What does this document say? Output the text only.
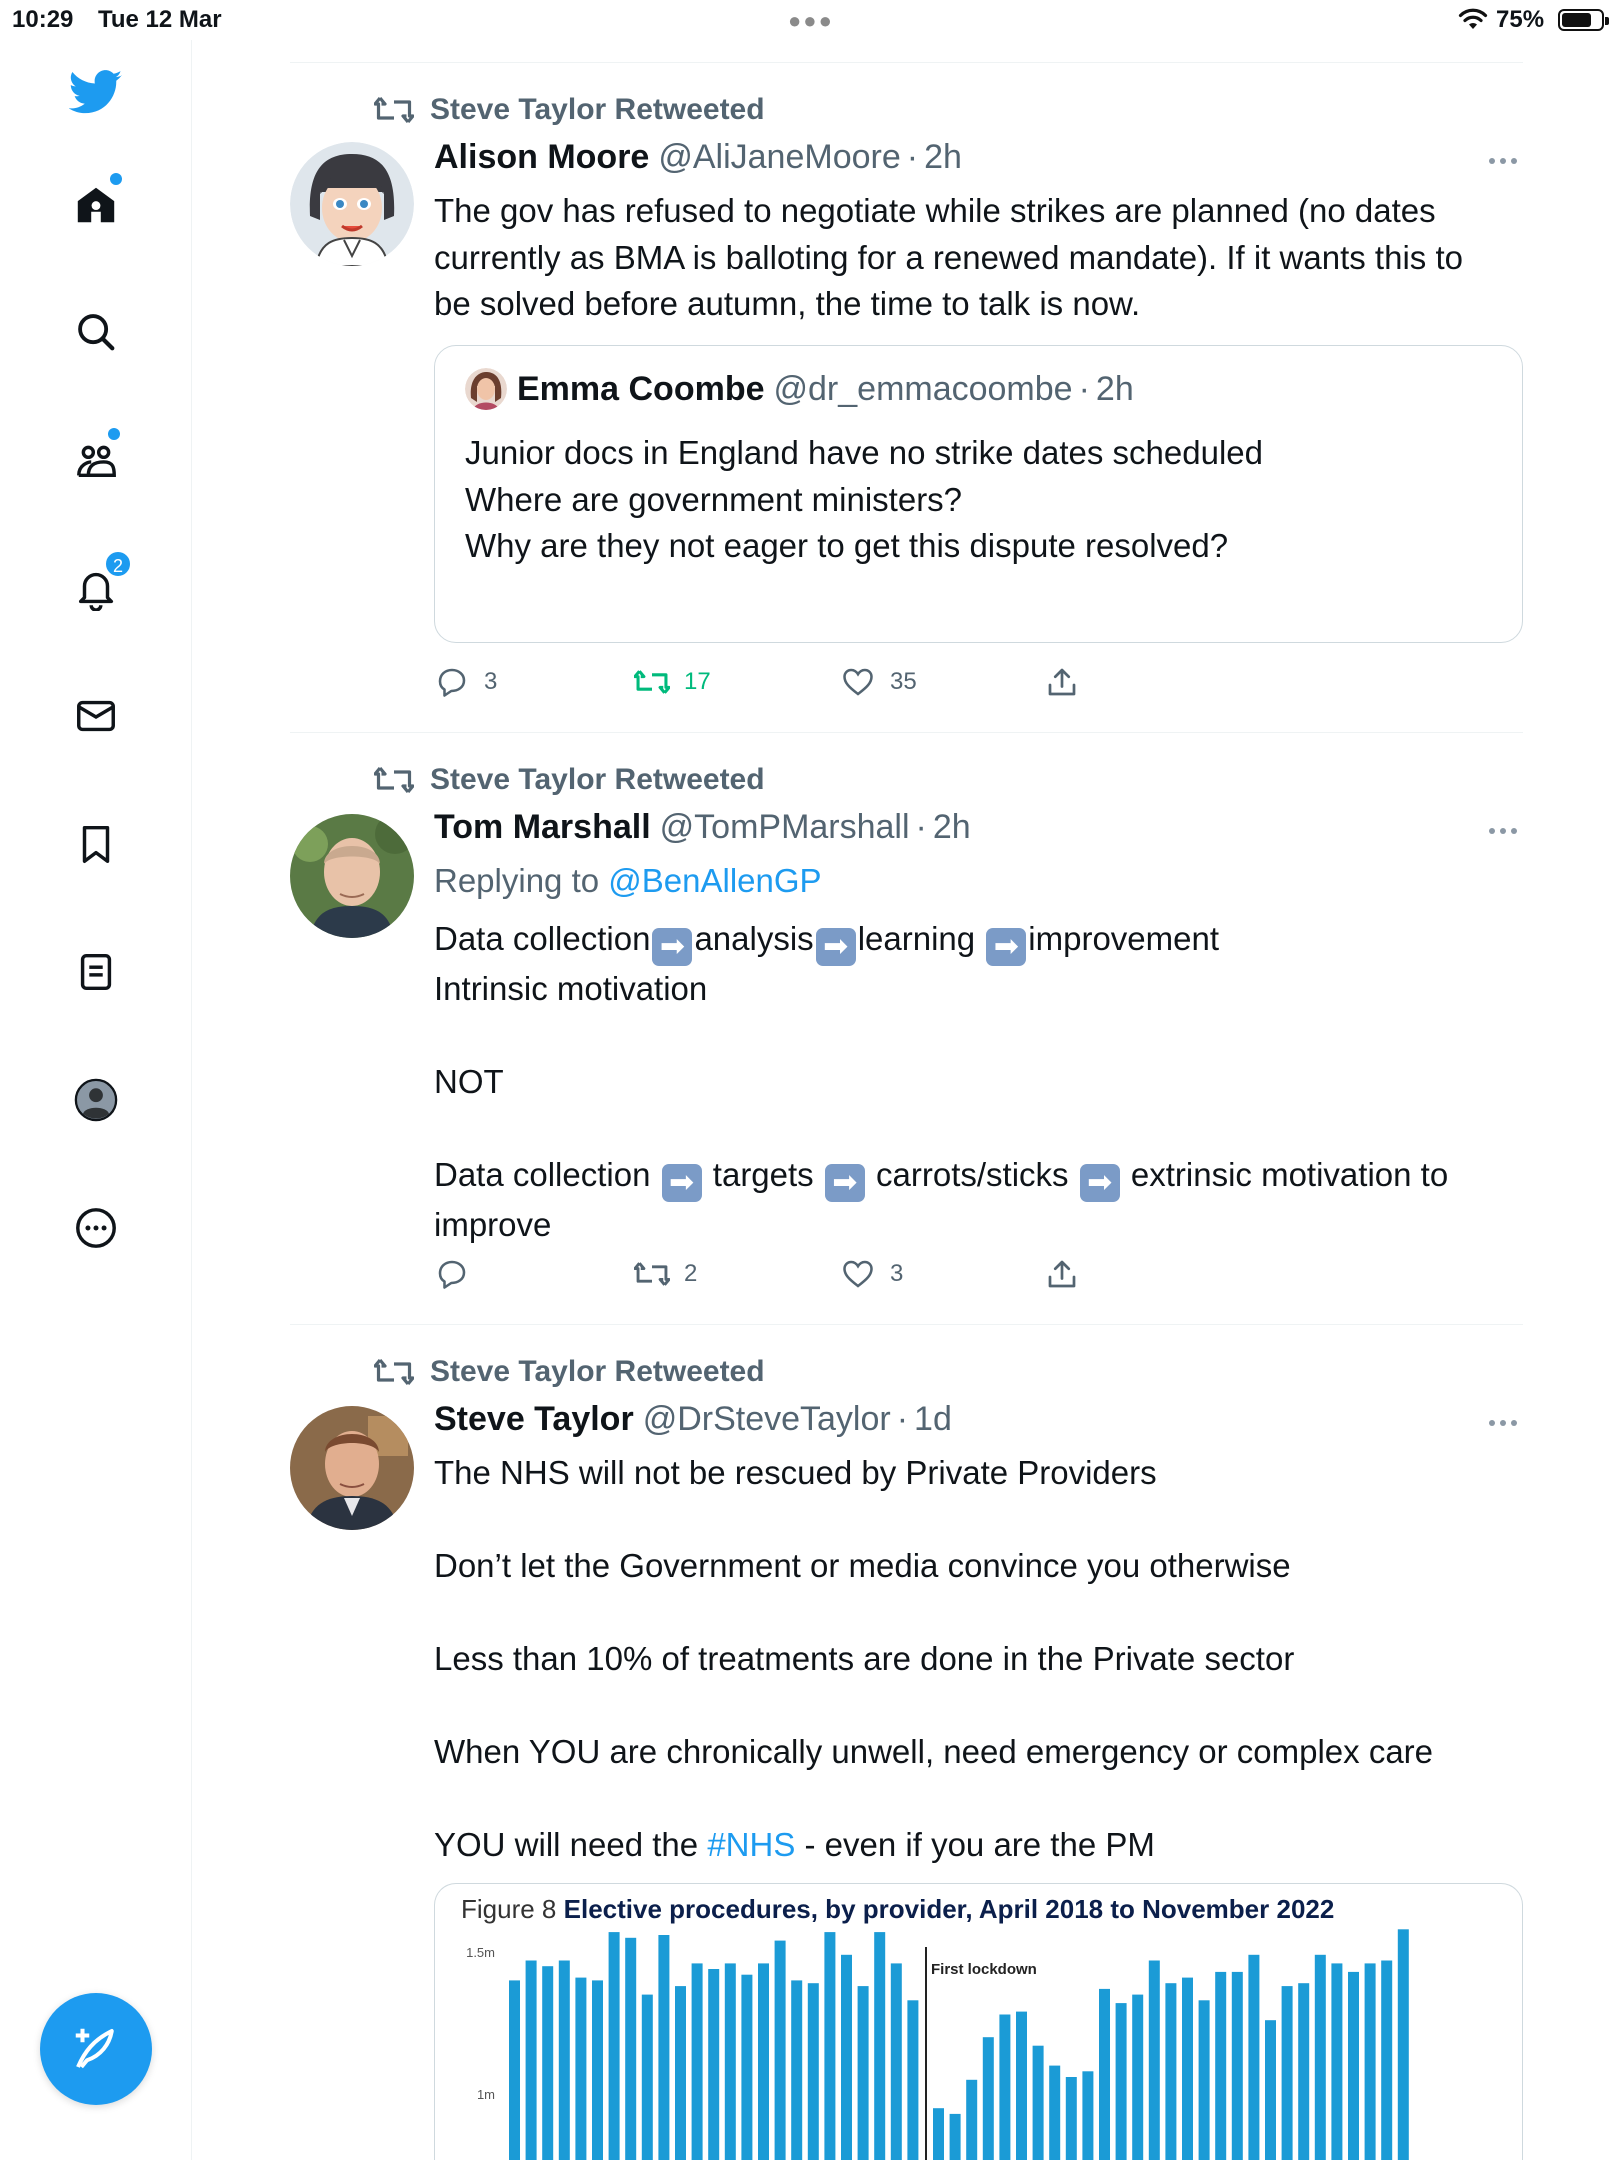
10:29 Tue 12 Mar	●●●	75%
2
Steve Taylor Retweeted
Alison Moore @AliJaneMoore · 2h

The gov has refused to negotiate while strikes are planned (no dates

currently as BMA is balloting for a renewed mandate). If it wants this to

be solved before autumn, the time to talk is now.

Emma Coombe @dr_emmacoombe · 2h

Junior docs in England have no strike dates scheduled

Where are government ministers?

Why are they not eager to get this dispute resolved?

3	17	35
Steve Taylor Retweeted
Tom Marshall @TomPMarshall · 2h
Replying to @BenAllenGP

Data collection ➡ analysis ➡ learning ➡ improvement

Intrinsic motivation

NOT

Data collection ➡ targets ➡ carrots/sticks ➡ extrinsic motivation to

improve

2	3
Steve Taylor Retweeted
Steve Taylor @DrSteveTaylor · 1d

The NHS will not be rescued by Private Providers

Don’t let the Government or media convince you otherwise

Less than 10% of treatments are done in the Private sector

When YOU are chronically unwell, need emergency or complex care

YOU will need the #NHS - even if you are the PM

Figure 8 Elective procedures, by provider, April 2018 to November 2022
1.5m
1m
First lockdown
